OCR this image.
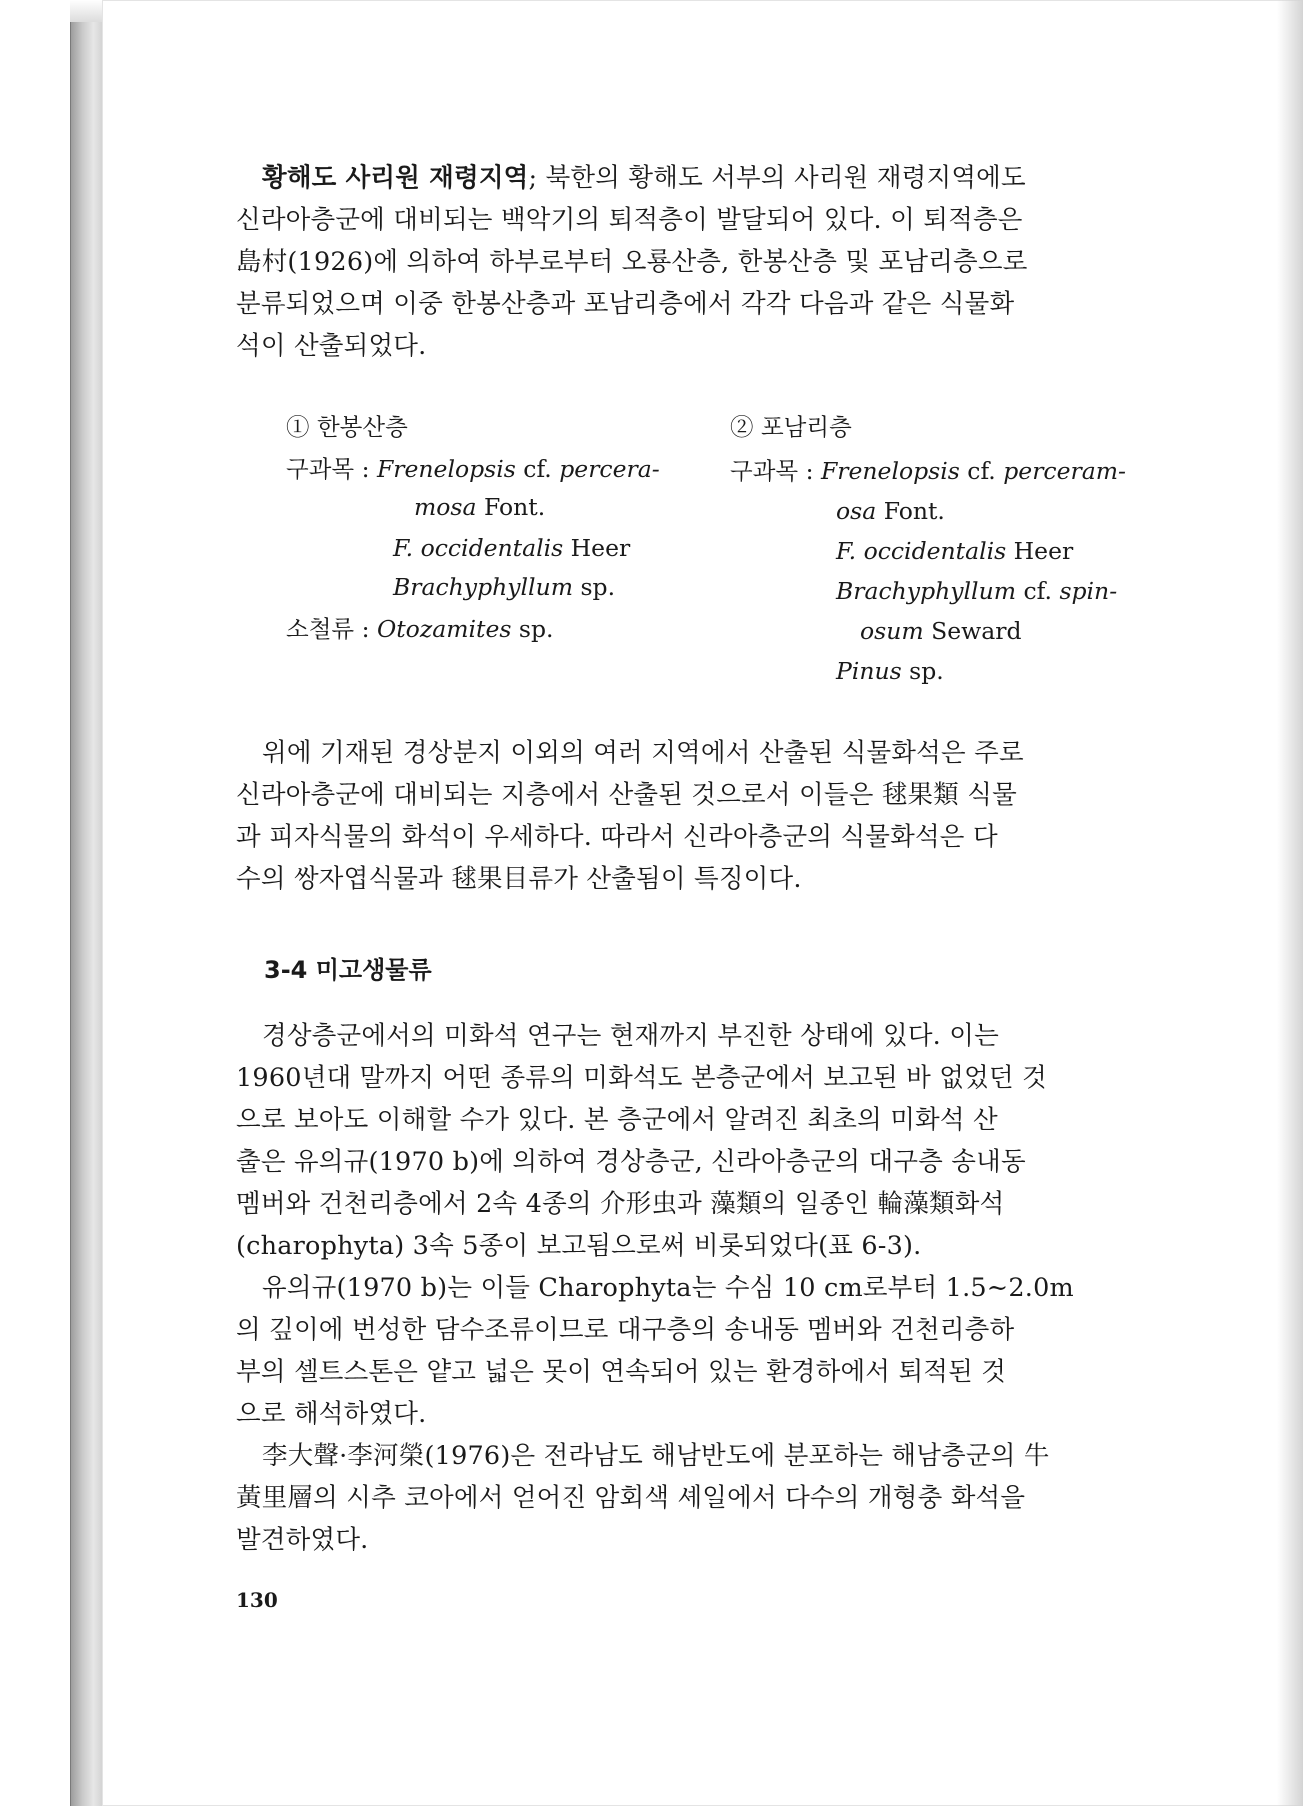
황해도 사리원 재령지역; 북한의 황해도 서부의 사리원 재령지역에도
신라아층군에 대비되는 백악기의 퇴적층이 발달되어 있다. 이 퇴적층은
島村(1926)에 의하여 하부로부터 오룡산층, 한봉산층 및 포남리층으로
분류되었으며 이중 한봉산층과 포남리층에서 각각 다음과 같은 식물화
석이 산출되었다.
① 한봉산층
구과목 : Frenelopsis cf. percera-
mosa Font.
F. occidentalis Heer
Brachyphyllum sp.
소철류 : Otozamites sp.
② 포남리층
구과목 : Frenelopsis cf. perceram-
osa Font.
F. occidentalis Heer
Brachyphyllum cf. spin-
osum Seward
Pinus sp.
위에 기재된 경상분지 이외의 여러 지역에서 산출된 식물화석은 주로
신라아층군에 대비되는 지층에서 산출된 것으로서 이들은 毬果類 식물
과 피자식물의 화석이 우세하다. 따라서 신라아층군의 식물화석은 다
수의 쌍자엽식물과 毬果目류가 산출됨이 특징이다.
3-4 미고생물류
경상층군에서의 미화석 연구는 현재까지 부진한 상태에 있다. 이는
1960년대 말까지 어떤 종류의 미화석도 본층군에서 보고된 바 없었던 것
으로 보아도 이해할 수가 있다. 본 층군에서 알려진 최초의 미화석 산
출은 유의규(1970 b)에 의하여 경상층군, 신라아층군의 대구층 송내동
멤버와 건천리층에서 2속 4종의 介形虫과 藻類의 일종인 輪藻類화석
(charophyta) 3속 5종이 보고됨으로써 비롯되었다(표 6-3).
유의규(1970 b)는 이들 Charophyta는 수심 10 cm로부터 1.5∼2.0m
의 깊이에 번성한 담수조류이므로 대구층의 송내동 멤버와 건천리층하
부의 셀트스톤은 얕고 넓은 못이 연속되어 있는 환경하에서 퇴적된 것
으로 해석하였다.
李大聲·李河榮(1976)은 전라남도 해남반도에 분포하는 해남층군의 牛
黃里層의 시추 코아에서 얻어진 암회색 셰일에서 다수의 개형충 화석을
발견하였다.
130
